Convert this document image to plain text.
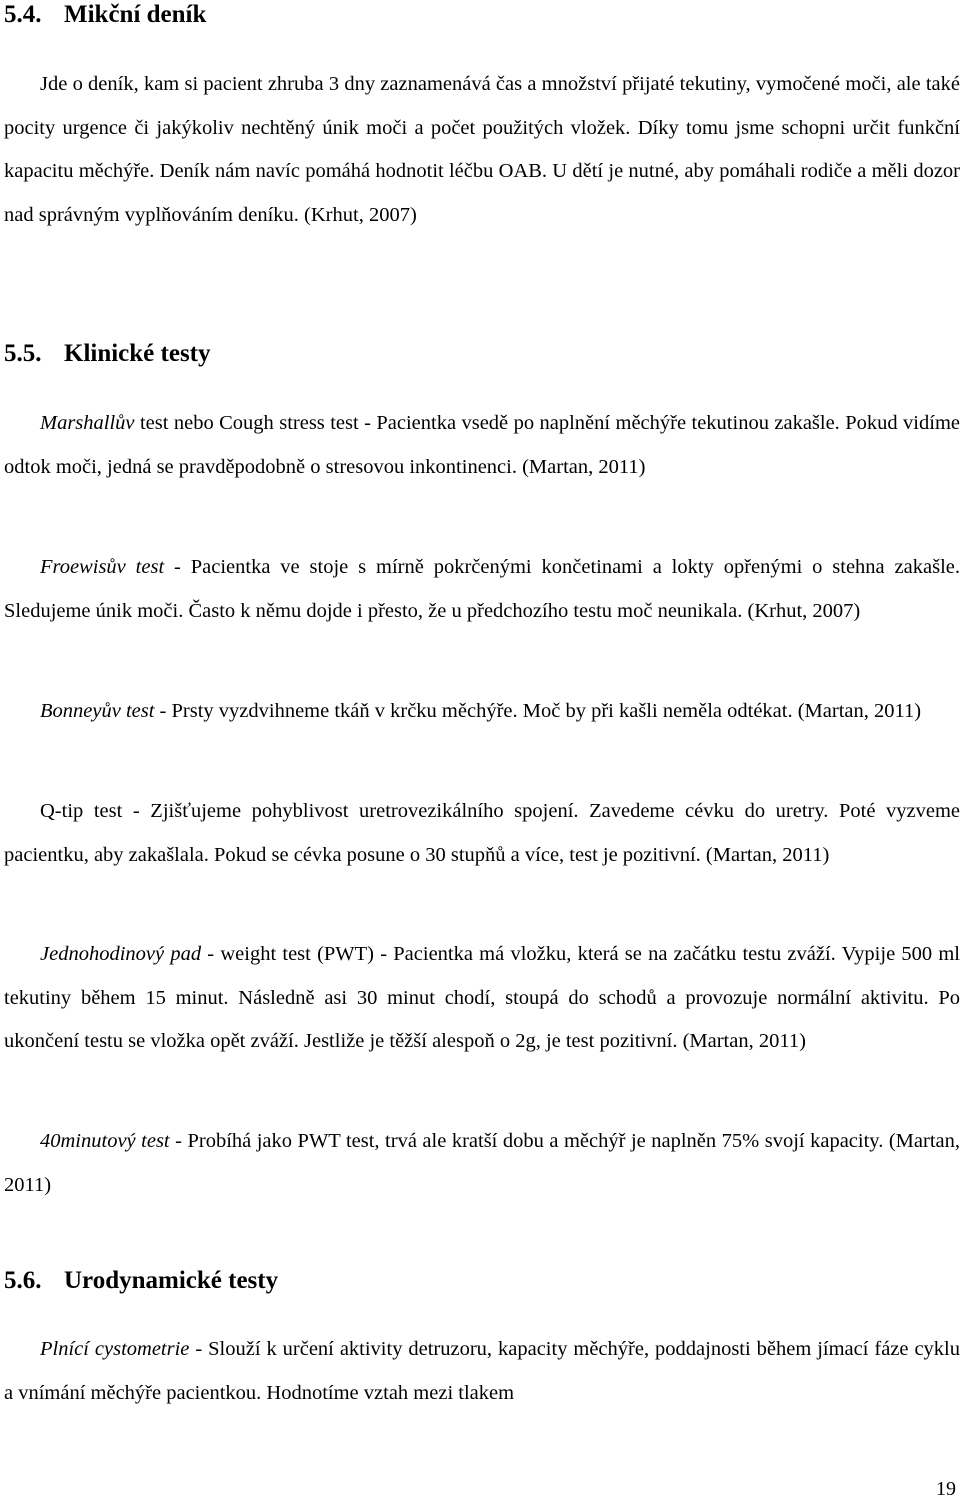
5.4. Mikční deník

Jde o deník, kam si pacient zhruba 3 dny zaznamenává čas a množství přijaté tekutiny, vymočené moči, ale také pocity urgence či jakýkoliv nechtěný únik moči a počet použitých vložek. Díky tomu jsme schopni určit funkční kapacitu měchýře. Deník nám navíc pomáhá hodnotit léčbu OAB. U dětí je nutné, aby pomáhali rodiče a měli dozor nad správným vyplňováním deníku. (Krhut, 2007)

5.5. Klinické testy

Marshallův test nebo Cough stress test - Pacientka vsedě po naplnění měchýře tekutinou zakašle. Pokud vidíme odtok moči, jedná se pravděpodobně o stresovou inkontinenci. (Martan, 2011)

Froewisův test - Pacientka ve stoje s mírně pokrčenými končetinami a lokty opřenými o stehna zakašle. Sledujeme únik moči. Často k němu dojde i přesto, že u předchozího testu moč neunikala. (Krhut, 2007)

Bonneyův test - Prsty vyzdvihneme tkáň v krčku měchýře. Moč by při kašli neměla odtékat. (Martan, 2011)

Q-tip test - Zjišťujeme pohyblivost uretrovezikálního spojení. Zavedeme cévku do uretry. Poté vyzveme pacientku, aby zakašlala. Pokud se cévka posune o 30 stupňů a více, test je pozitivní. (Martan, 2011)

Jednohodinový pad - weight test (PWT) - Pacientka má vložku, která se na začátku testu zváží. Vypije 500 ml tekutiny během 15 minut. Následně asi 30 minut chodí, stoupá do schodů a provozuje normální aktivitu. Po ukončení testu se vložka opět zváží. Jestliže je těžší alespoň o 2g, je test pozitivní. (Martan, 2011)

40minutový test - Probíhá jako PWT test, trvá ale kratší dobu a měchýř je naplněn 75% svojí kapacity. (Martan, 2011)

5.6. Urodynamické testy

Plnící cystometrie - Slouží k určení aktivity detruzoru, kapacity měchýře, poddajnosti během jímací fáze cyklu a vnímání měchýře pacientkou. Hodnotíme vztah mezi tlakem

19
